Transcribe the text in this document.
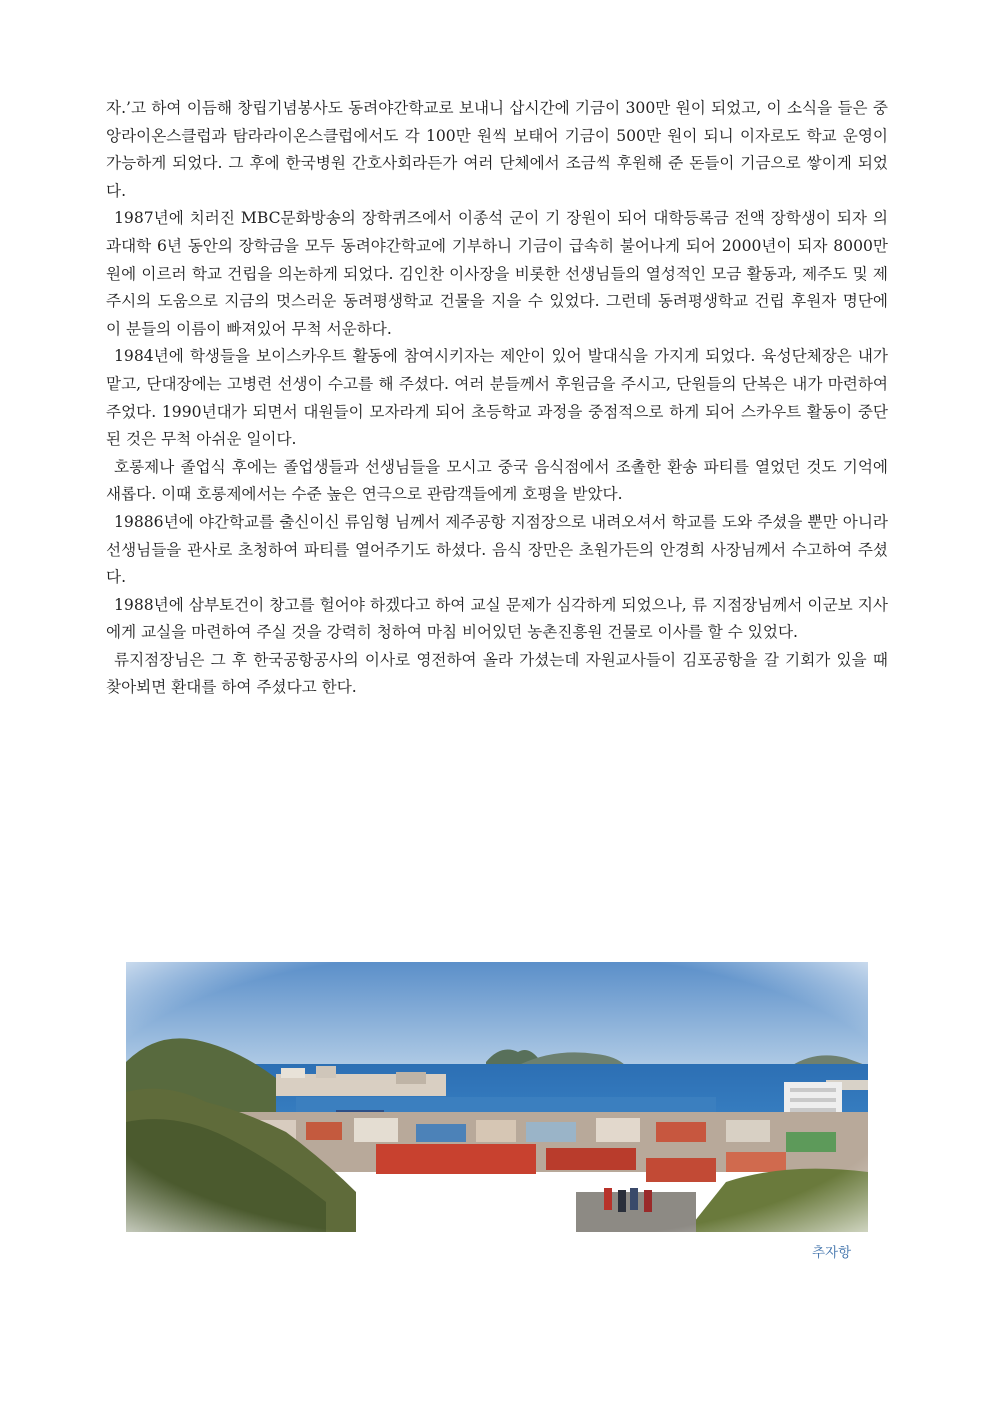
자.’고 하여 이듬해 창립기념봉사도 동려야간학교로 보내니 삽시간에 기금이 300만 원이 되었고, 이 소식을 들은 중앙라이온스클럽과 탐라라이온스클럽에서도 각 100만 원씩 보태어 기금이 500만 원이 되니 이자로도 학교 운영이 가능하게 되었다. 그 후에 한국병원 간호사회라든가 여러 단체에서 조금씩 후원해 준 돈들이 기금으로 쌓이게 되었다.

1987년에 치러진 MBC문화방송의 장학퀴즈에서 이종석 군이 기 장원이 되어 대학등록금 전액 장학생이 되자 의과대학 6년 동안의 장학금을 모두 동려야간학교에 기부하니 기금이 급속히 불어나게 되어 2000년이 되자 8000만 원에 이르러 학교 건립을 의논하게 되었다. 김인찬 이사장을 비롯한 선생님들의 열성적인 모금 활동과, 제주도 및 제주시의 도움으로 지금의 멋스러운 동려평생학교 건물을 지을 수 있었다. 그런데 동려평생학교 건립 후원자 명단에 이 분들의 이름이 빠져있어 무척 서운하다.

1984년에 학생들을 보이스카우트 활동에 참여시키자는 제안이 있어 발대식을 가지게 되었다. 육성단체장은 내가 맡고, 단대장에는 고병련 선생이 수고를 해 주셨다. 여러 분들께서 후원금을 주시고, 단원들의 단복은 내가 마련하여 주었다. 1990년대가 되면서 대원들이 모자라게 되어 초등학교 과정을 중점적으로 하게 되어 스카우트 활동이 중단 된 것은 무척 아쉬운 일이다.

호롱제나 졸업식 후에는 졸업생들과 선생님들을 모시고 중국 음식점에서 조촐한 환송 파티를 열었던 것도 기억에 새롭다. 이때 호롱제에서는 수준 높은 연극으로 관람객들에게 호평을 받았다.

19886년에 야간학교를 출신이신 류임형 님께서 제주공항 지점장으로 내려오셔서 학교를 도와 주셨을 뿐만 아니라 선생님들을 관사로 초청하여 파티를 열어주기도 하셨다. 음식 장만은 초원가든의 안경희 사장님께서 수고하여 주셨다.

1988년에 삼부토건이 창고를 헐어야 하겠다고 하여 교실 문제가 심각하게 되었으나, 류 지점장님께서 이군보 지사에게 교실을 마련하여 주실 것을 강력히 청하여 마침 비어있던 농촌진흥원 건물로 이사를 할 수 있었다.

류지점장님은 그 후 한국공항공사의 이사로 영전하여 올라 가셨는데 자원교사들이 김포공항을 갈 기회가 있을 때 찾아뵈면 환대를 하여 주셨다고 한다.

추자항
